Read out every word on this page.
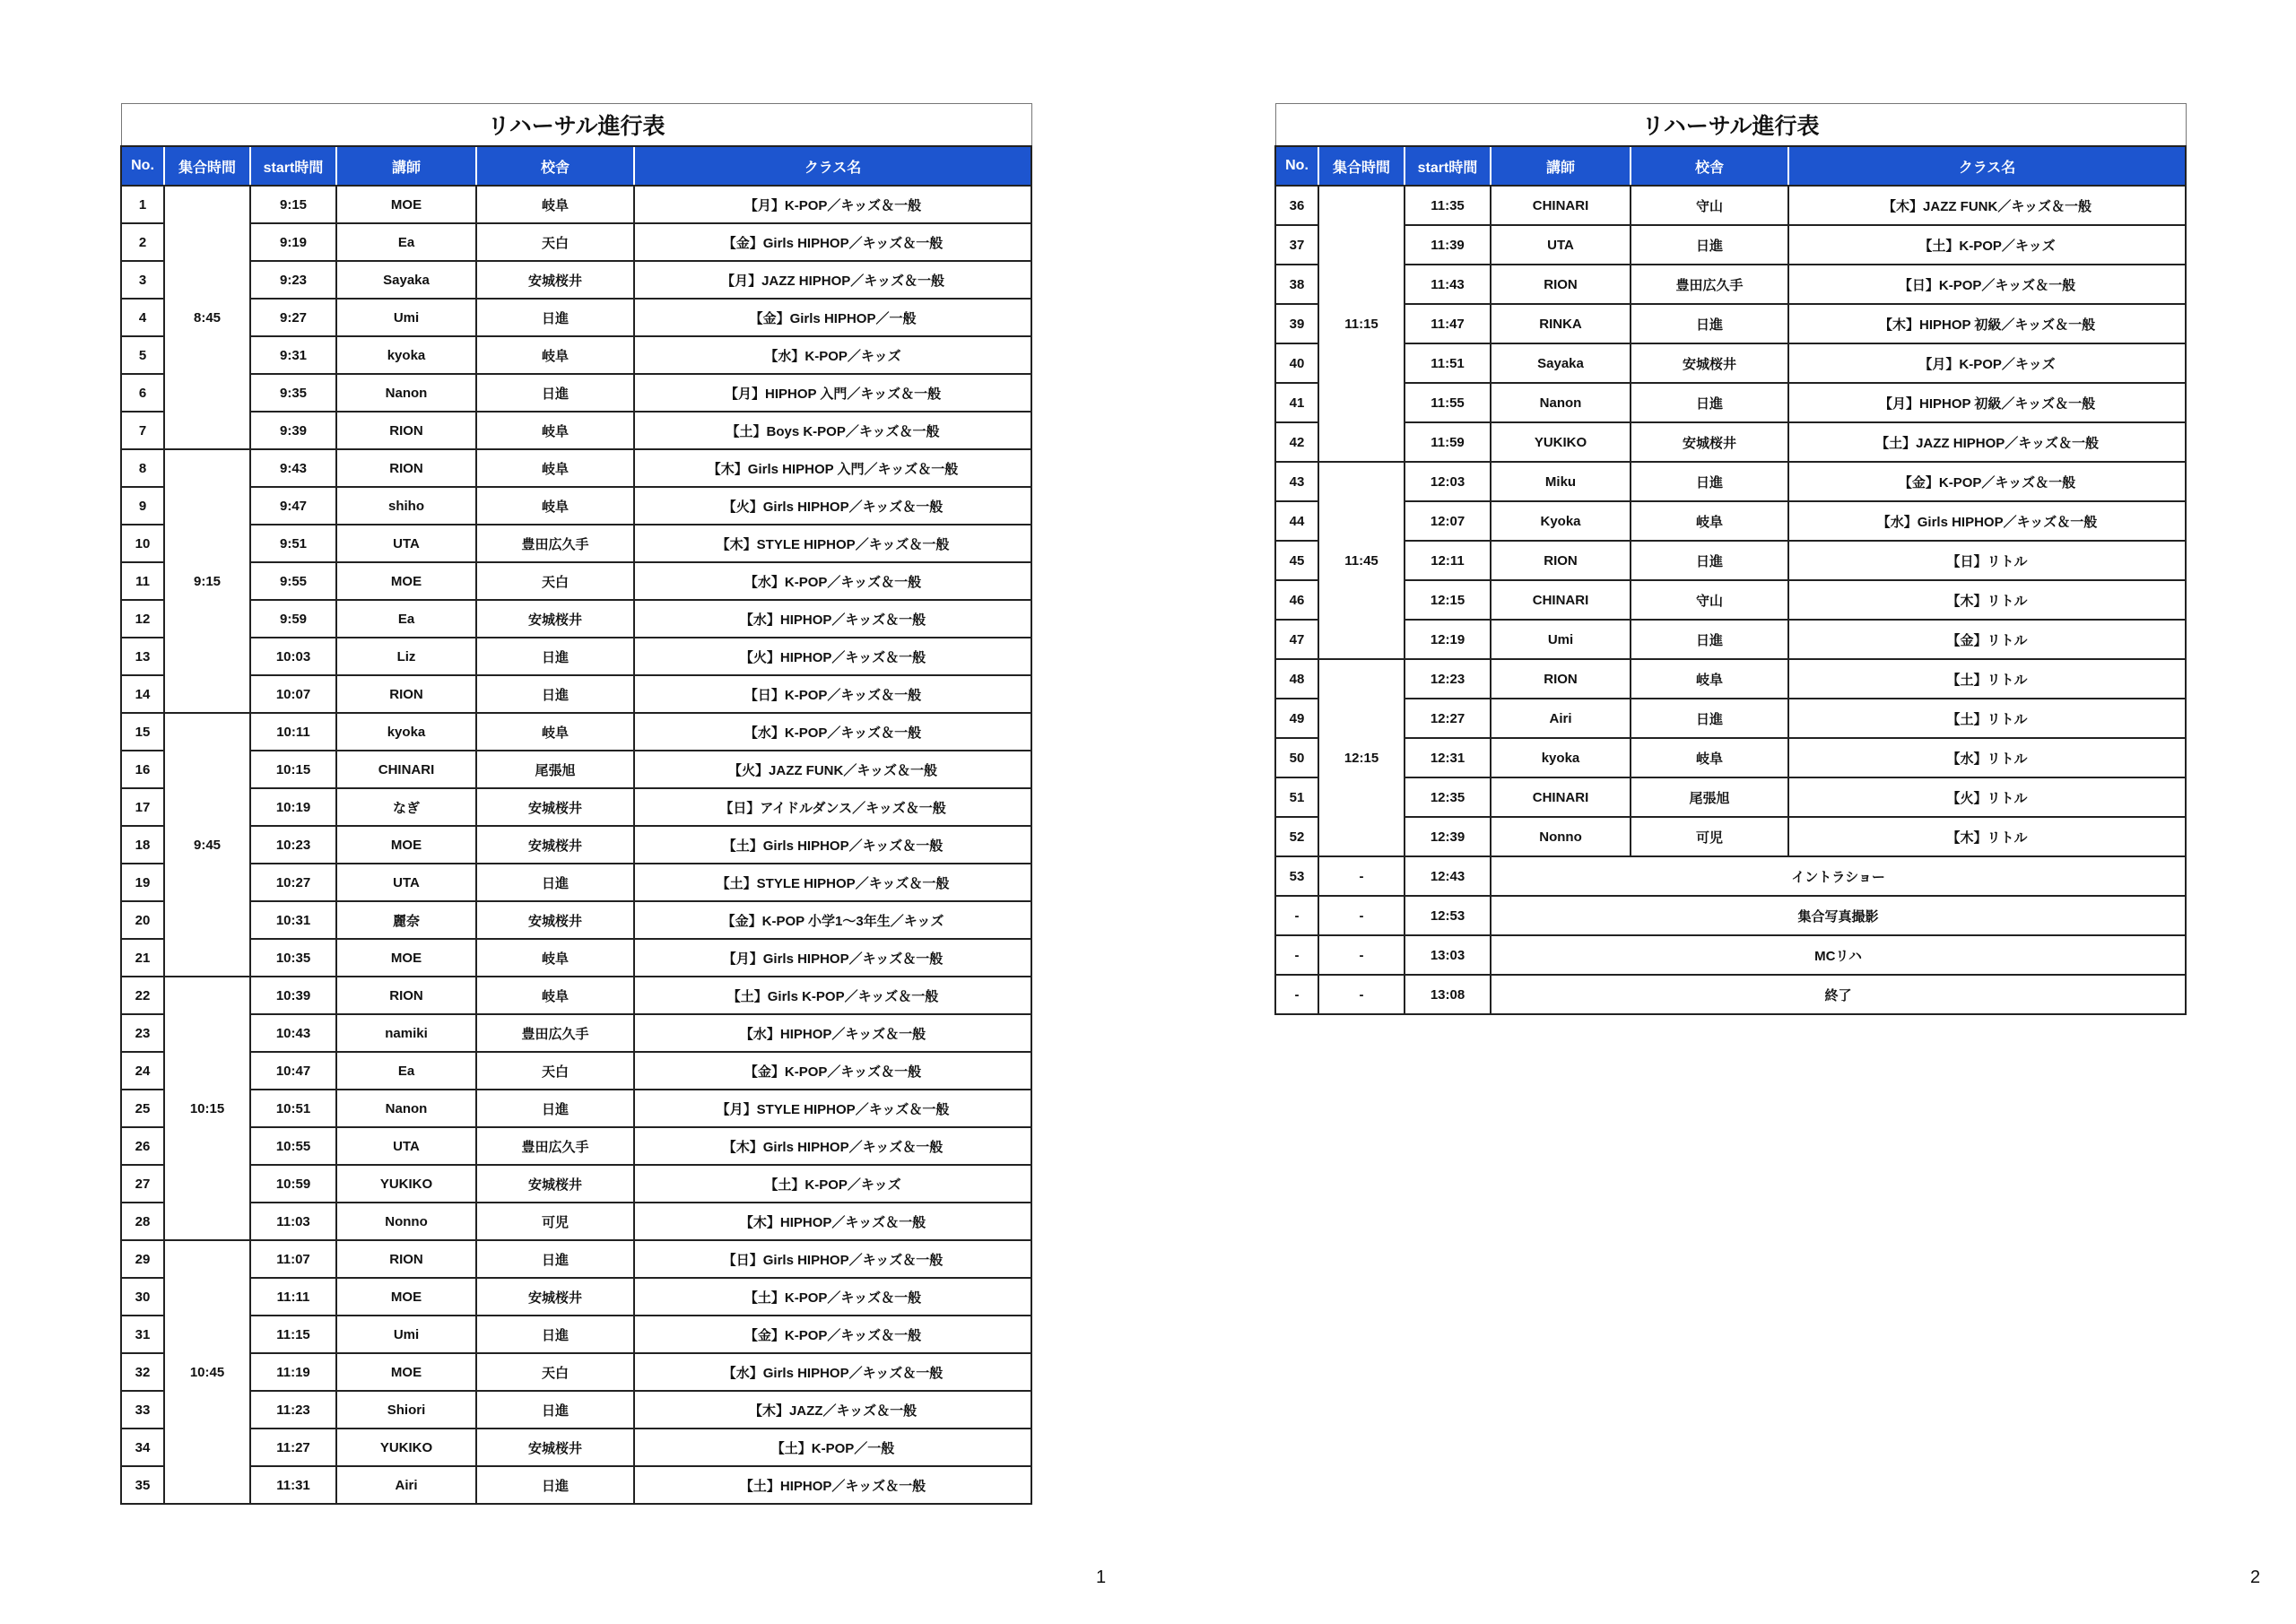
リハーサル進行表					
No.	集合時間	start時間	講師	校舎	クラス名
1	8:45	9:15	MOE	岐阜	【月】K-POP／キッズ＆一般
2		9:19	Ea	天白	【金】Girls HIPHOP／キッズ＆一般
3		9:23	Sayaka	安城桜井	【月】JAZZ HIPHOP／キッズ＆一般
4		9:27	Umi	日進	【金】Girls HIPHOP／一般
5		9:31	kyoka	岐阜	【水】K-POP／キッズ
6		9:35	Nanon	日進	【月】HIPHOP 入門／キッズ＆一般
7		9:39	RION	岐阜	【土】Boys K-POP／キッズ＆一般
8	9:15	9:43	RION	岐阜	【木】Girls HIPHOP 入門／キッズ＆一般
9		9:47	shiho	岐阜	【火】Girls HIPHOP／キッズ＆一般
10		9:51	UTA	豊田広久手	【木】STYLE HIPHOP／キッズ＆一般
11		9:55	MOE	天白	【水】K-POP／キッズ＆一般
12		9:59	Ea	安城桜井	【水】HIPHOP／キッズ＆一般
13		10:03	Liz	日進	【火】HIPHOP／キッズ＆一般
14		10:07	RION	日進	【日】K-POP／キッズ＆一般
15	9:45	10:11	kyoka	岐阜	【水】K-POP／キッズ＆一般
16		10:15	CHINARI	尾張旭	【火】JAZZ FUNK／キッズ＆一般
17		10:19	なぎ	安城桜井	【日】アイドルダンス／キッズ＆一般
18		10:23	MOE	安城桜井	【土】Girls HIPHOP／キッズ＆一般
19		10:27	UTA	日進	【土】STYLE HIPHOP／キッズ＆一般
20		10:31	麗奈	安城桜井	【金】K-POP 小学1〜3年生／キッズ
21		10:35	MOE	岐阜	【月】Girls HIPHOP／キッズ＆一般
22	10:15	10:39	RION	岐阜	【土】Girls K-POP／キッズ＆一般
23		10:43	namiki	豊田広久手	【水】HIPHOP／キッズ＆一般
24		10:47	Ea	天白	【金】K-POP／キッズ＆一般
25		10:51	Nanon	日進	【月】STYLE HIPHOP／キッズ＆一般
26		10:55	UTA	豊田広久手	【木】Girls HIPHOP／キッズ＆一般
27		10:59	YUKIKO	安城桜井	【土】K-POP／キッズ
28		11:03	Nonno	可児	【木】HIPHOP／キッズ＆一般
29	10:45	11:07	RION	日進	【日】Girls HIPHOP／キッズ＆一般
30		11:11	MOE	安城桜井	【土】K-POP／キッズ＆一般
31		11:15	Umi	日進	【金】K-POP／キッズ＆一般
32		11:19	MOE	天白	【水】Girls HIPHOP／キッズ＆一般
33		11:23	Shiori	日進	【木】JAZZ／キッズ＆一般
34		11:27	YUKIKO	安城桜井	【土】K-POP／一般
35		11:31	Airi	日進	【土】HIPHOP／キッズ＆一般
リハーサル進行表					
No.	集合時間	start時間	講師	校舎	クラス名
36	11:15	11:35	CHINARI	守山	【木】JAZZ FUNK／キッズ＆一般
37		11:39	UTA	日進	【土】K-POP／キッズ
38		11:43	RION	豊田広久手	【日】K-POP／キッズ＆一般
39		11:47	RINKA	日進	【木】HIPHOP 初級／キッズ＆一般
40		11:51	Sayaka	安城桜井	【月】K-POP／キッズ
41		11:55	Nanon	日進	【月】HIPHOP 初級／キッズ＆一般
42		11:59	YUKIKO	安城桜井	【土】JAZZ HIPHOP／キッズ＆一般
43	11:45	12:03	Miku	日進	【金】K-POP／キッズ＆一般
44		12:07	Kyoka	岐阜	【水】Girls HIPHOP／キッズ＆一般
45		12:11	RION	日進	【日】リトル
46		12:15	CHINARI	守山	【木】リトル
47		12:19	Umi	日進	【金】リトル
48	12:15	12:23	RION	岐阜	【土】リトル
49		12:27	Airi	日進	【土】リトル
50		12:31	kyoka	岐阜	【水】リトル
51		12:35	CHINARI	尾張旭	【火】リトル
52		12:39	Nonno	可児	【木】リトル
53	-	12:43	イントラショー		
-	-	12:53	集合写真撮影		
-	-	13:03	MCリハ		
-	-	13:08	終了		
1	2
